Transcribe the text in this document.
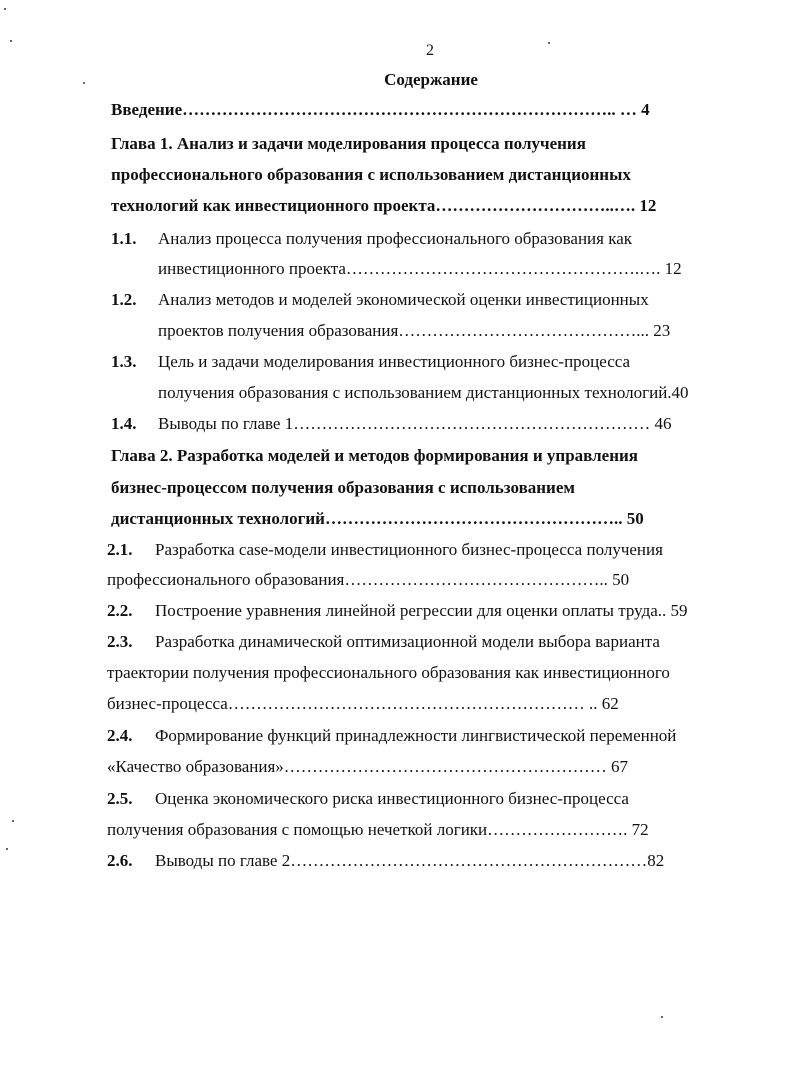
2
Содержание
Введение………………………………………………………………….. … 4
Глава 1. Анализ и задачи моделирования процесса получения
профессионального образования с использованием дистанционных
технологий как инвестиционного проекта…………………………..…. 12
1.1. Анализ процесса получения профессионального образования как
инвестиционного проекта…………………………………………….…. 12
1.2. Анализ методов и моделей экономической оценки инвестиционных
проектов получения образования……………………………………... 23
1.3. Цель и задачи моделирования инвестиционного бизнес-процесса
получения образования с использованием дистанционных технологий.40
1.4. Выводы по главе 1……………………………………………………… 46
Глава 2. Разработка моделей и методов формирования и управления
бизнес-процессом получения образования с использованием
дистанционных технологий…………………………………………….. 50
2.1. Разработка case-модели инвестиционного бизнес-процесса получения
профессионального образования……………………………………….. 50
2.2. Построение уравнения линейной регрессии для оценки оплаты труда.. 59
2.3. Разработка динамической оптимизационной модели выбора варианта
траектории получения профессионального образования как инвестиционного
бизнес-процесса……………………………………………………… .. 62
2.4. Формирование функций принадлежности лингвистической переменной
«Качество образования»………………………………………………… 67
2.5. Оценка экономического риска инвестиционного бизнес-процесса
получения образования с помощью нечеткой логики……………………. 72
2.6. Выводы по главе 2………………………………………………………82
